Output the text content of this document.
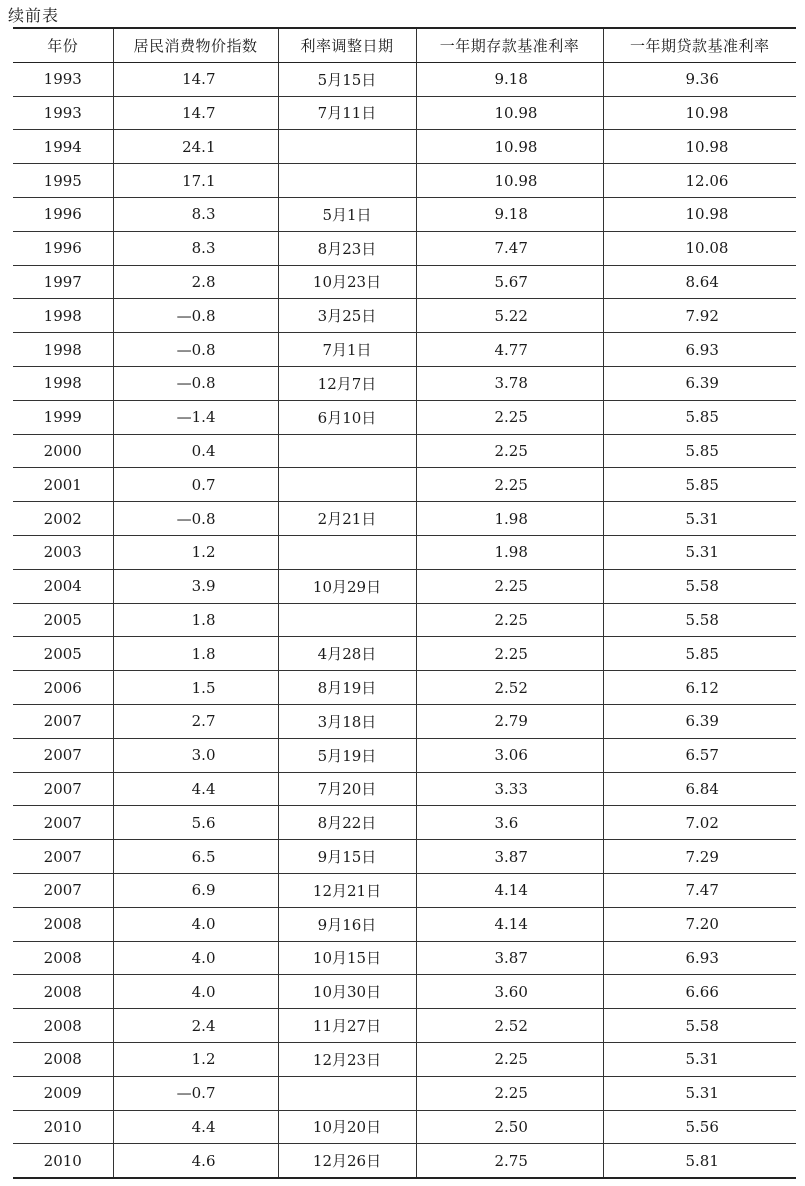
续前表
年份	居民消费物价指数	利率调整日期	一年期存款基准利率	一年期贷款基准利率
1993	14.7	5月15日	9.18	9.36
1993	14.7	7月11日	10.98	10.98
1994	24.1		10.98	10.98
1995	17.1		10.98	12.06
1996	8.3	5月1日	9.18	10.98
1996	8.3	8月23日	7.47	10.08
1997	2.8	10月23日	5.67	8.64
1998	—0.8	3月25日	5.22	7.92
1998	—0.8	7月1日	4.77	6.93
1998	—0.8	12月7日	3.78	6.39
1999	—1.4	6月10日	2.25	5.85
2000	0.4		2.25	5.85
2001	0.7		2.25	5.85
2002	—0.8	2月21日	1.98	5.31
2003	1.2		1.98	5.31
2004	3.9	10月29日	2.25	5.58
2005	1.8		2.25	5.58
2005	1.8	4月28日	2.25	5.85
2006	1.5	8月19日	2.52	6.12
2007	2.7	3月18日	2.79	6.39
2007	3.0	5月19日	3.06	6.57
2007	4.4	7月20日	3.33	6.84
2007	5.6	8月22日	3.6	7.02
2007	6.5	9月15日	3.87	7.29
2007	6.9	12月21日	4.14	7.47
2008	4.0	9月16日	4.14	7.20
2008	4.0	10月15日	3.87	6.93
2008	4.0	10月30日	3.60	6.66
2008	2.4	11月27日	2.52	5.58
2008	1.2	12月23日	2.25	5.31
2009	—0.7		2.25	5.31
2010	4.4	10月20日	2.50	5.56
2010	4.6	12月26日	2.75	5.81
